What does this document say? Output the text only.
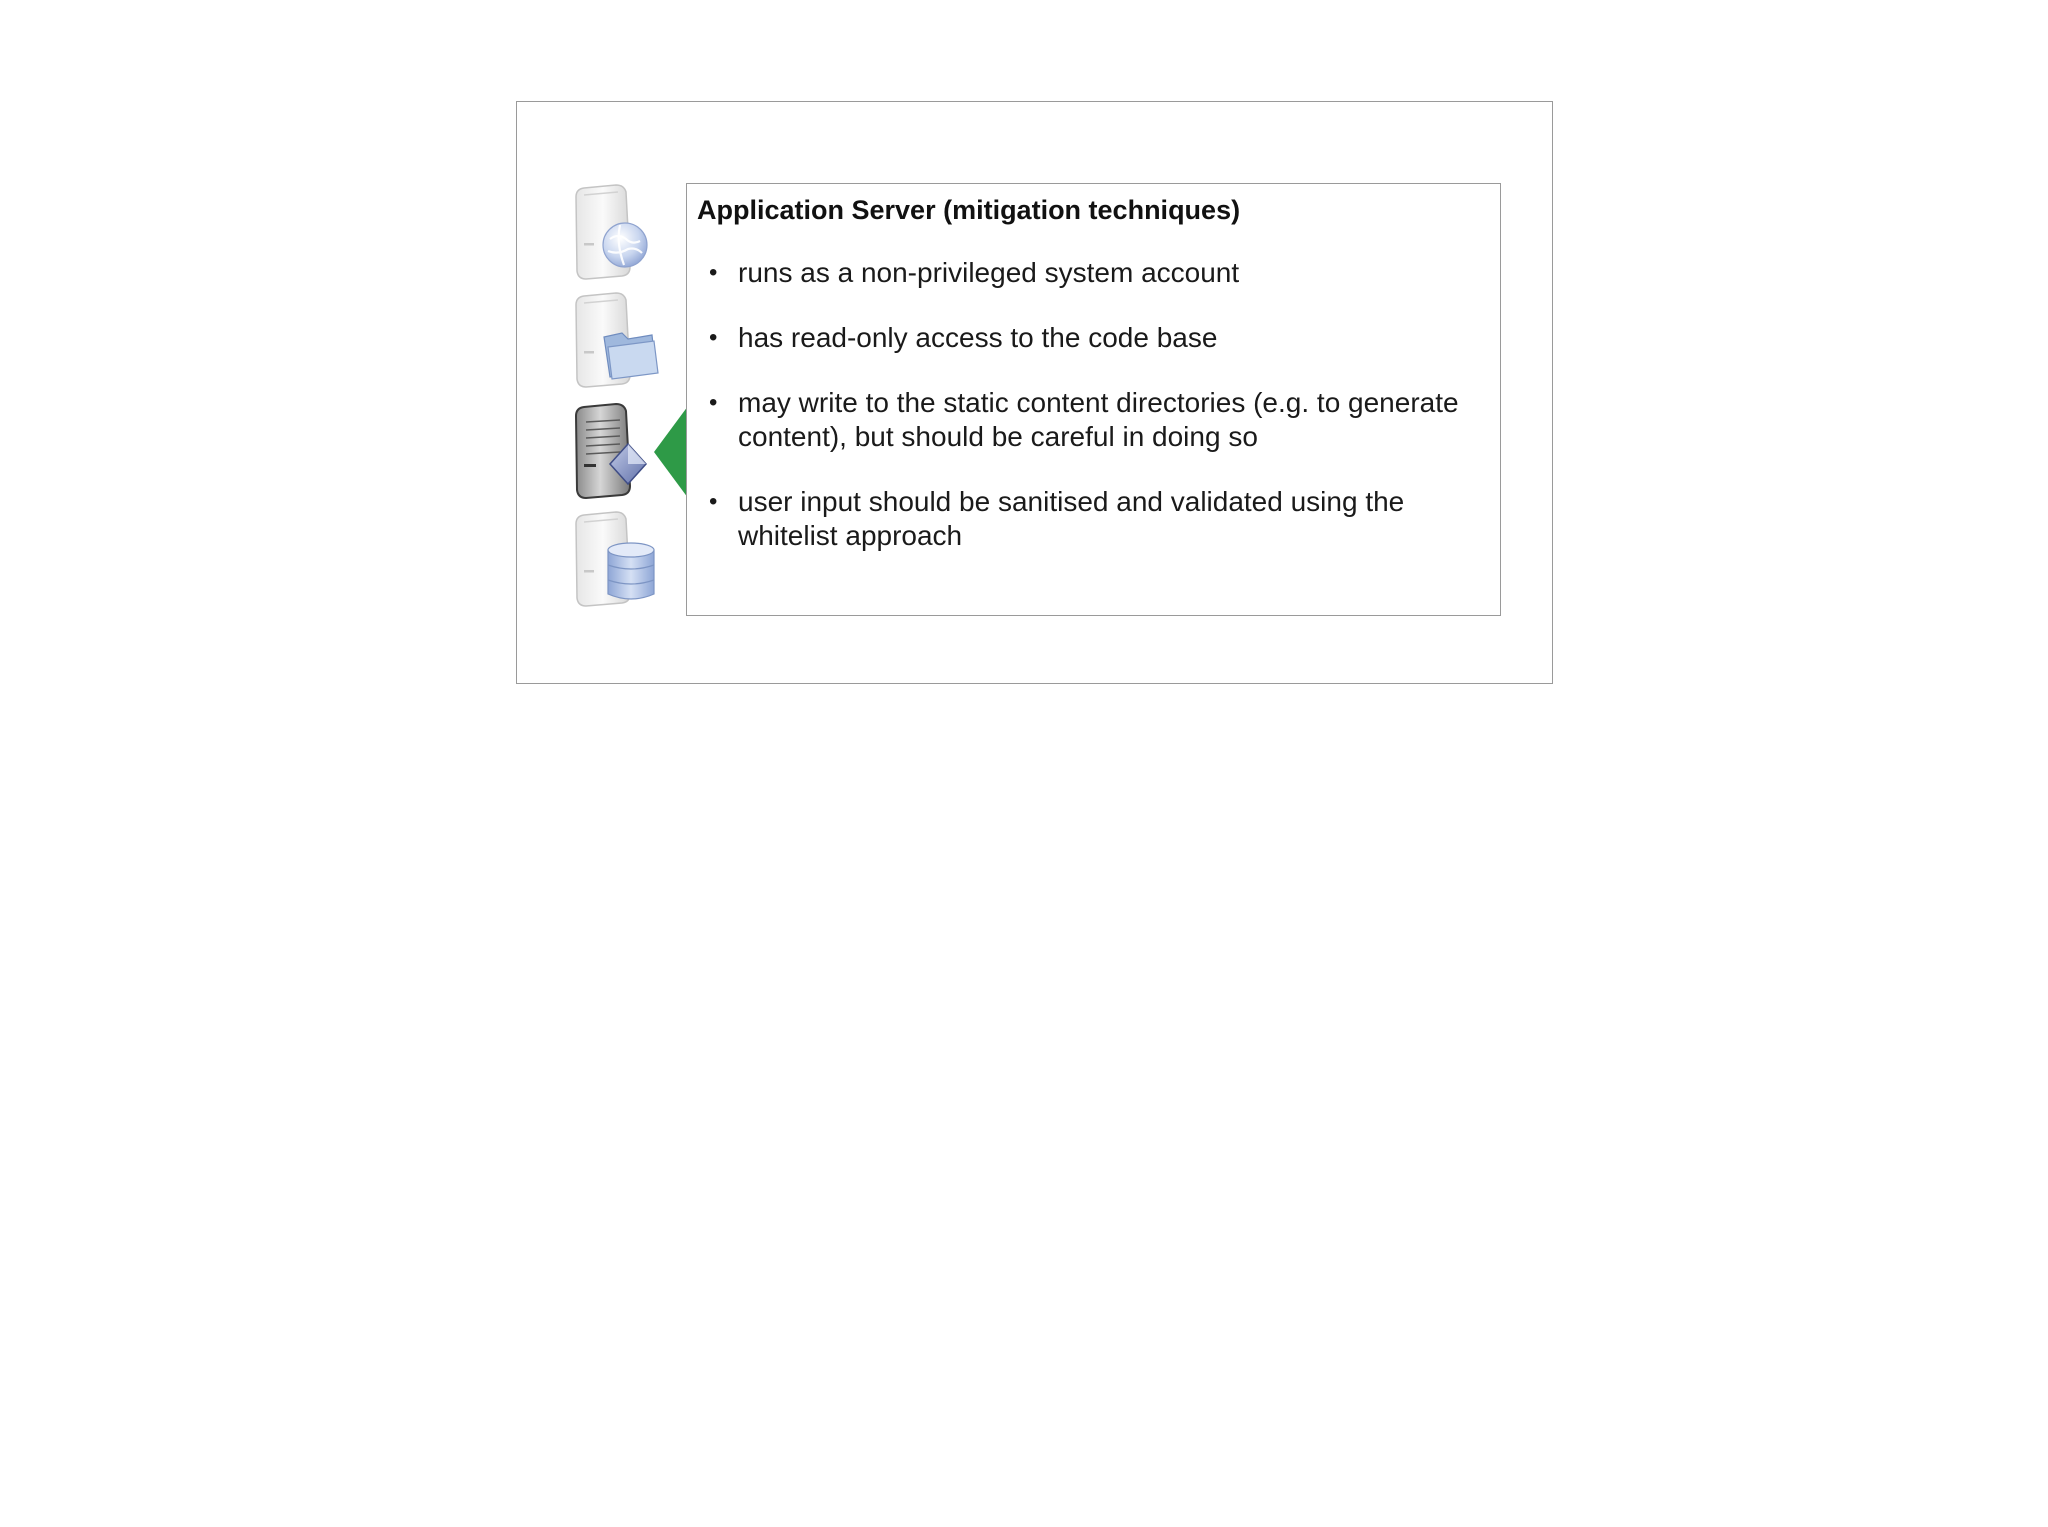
Application Server (mitigation techniques)
• runs as a non-privileged system account
• has read-only access to the code base
• may write to the static content directories (e.g. to generate content), but should be careful in doing so
• user input should be sanitised and validated using the whitelist approach
